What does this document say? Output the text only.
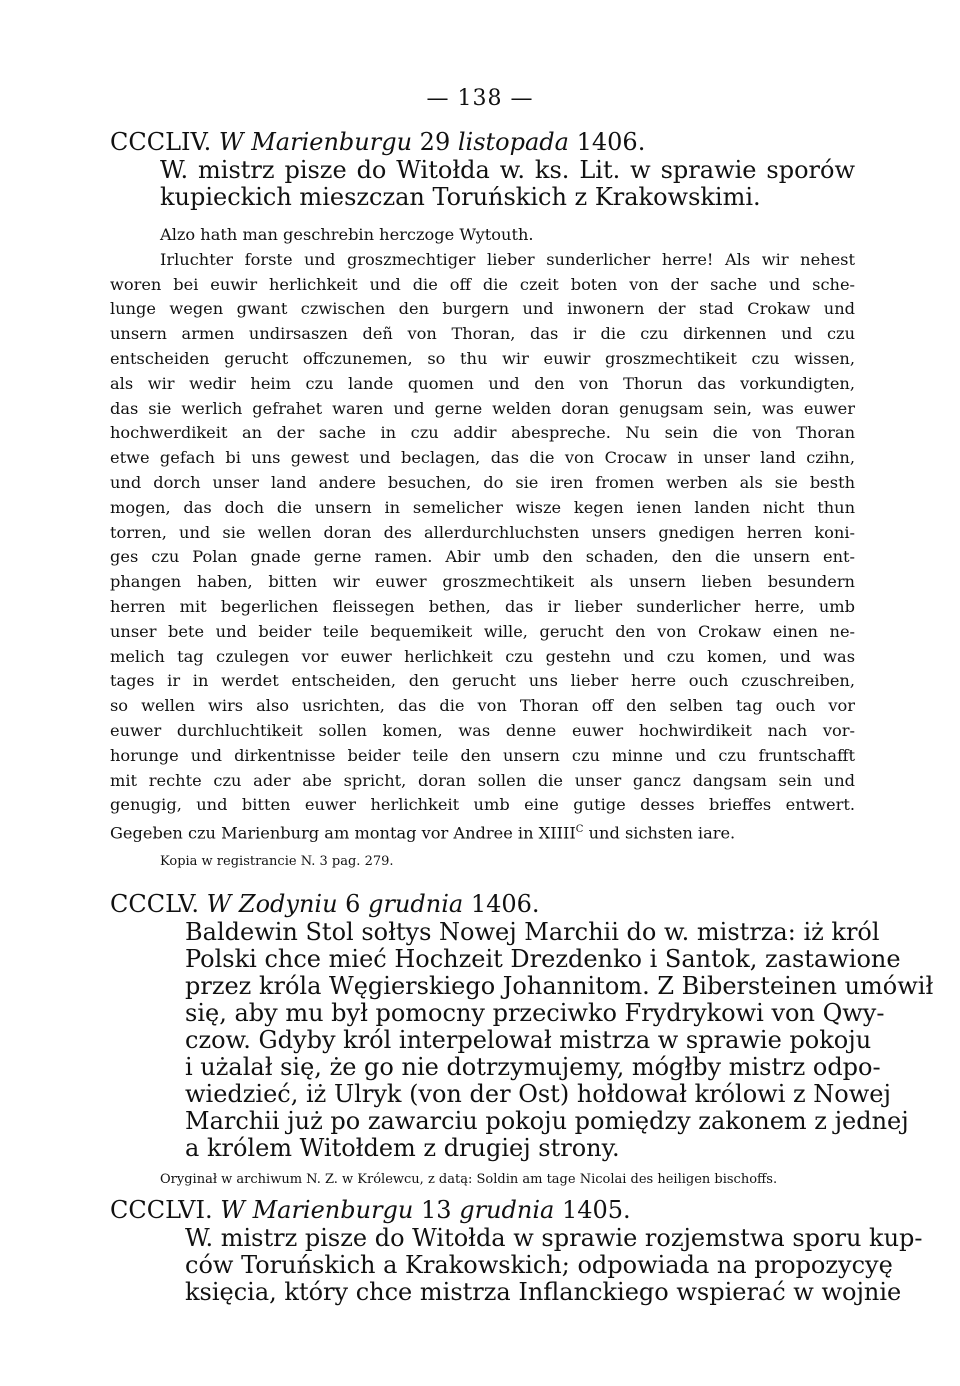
— 138 —
CCCLIV. W Marienburgu 29 listopada 1406.
W. mistrz pisze do Witołda w. ks. Lit. w sprawie sporów
kupieckich mieszczan Toruńskich z Krakowskimi.
Alzo hath man geschrebin herczoge Wytouth.
Irluchter forste und groszmechtiger lieber sunderlicher herre! Als wir nehest
woren bei euwir herlichkeit und die off die czeit boten von der sache und sche-
lunge wegen gwant czwischen den burgern und inwonern der stad Crokaw und
unsern armen undirsaszen deñ von Thoran, das ir die czu dirkennen und czu
entscheiden gerucht offczunemen, so thu wir euwir groszmechtikeit czu wissen,
als wir wedir heim czu lande quomen und den von Thorun das vorkundigten,
das sie werlich gefrahet waren und gerne welden doran genugsam sein, was euwer
hochwerdikeit an der sache in czu addir abespreche. Nu sein die von Thoran
etwe gefach bi uns gewest und beclagen, das die von Crocaw in unser land czihn,
und dorch unser land andere besuchen, do sie iren fromen werben als sie besth
mogen, das doch die unsern in semelicher wisze kegen ienen landen nicht thun
torren, und sie wellen doran des allerdurchluchsten unsers gnedigen herren koni-
ges czu Polan gnade gerne ramen. Abir umb den schaden, den die unsern ent-
phangen haben, bitten wir euwer groszmechtikeit als unsern lieben besundern
herren mit begerlichen fleissegen bethen, das ir lieber sunderlicher herre, umb
unser bete und beider teile bequemikeit wille, gerucht den von Crokaw einen ne-
melich tag czulegen vor euwer herlichkeit czu gestehn und czu komen, und was
tages ir in werdet entscheiden, den gerucht uns lieber herre ouch czuschreiben,
so wellen wirs also usrichten, das die von Thoran off den selben tag ouch vor
euwer durchluchtikeit sollen komen, was denne euwer hochwirdikeit nach vor-
horunge und dirkentnisse beider teile den unsern czu minne und czu fruntschafft
mit rechte czu ader abe spricht, doran sollen die unser gancz dangsam sein und
genugig, und bitten euwer herlichkeit umb eine gutige desses brieffes entwert.
Gegeben czu Marienburg am montag vor Andree in $XIIII^C$ und sichsten iare.
Kopia w registrancie N. 3 pag. 279.
CCCLV. W Zodyniu 6 grudnia 1406.
Baldewin Stol sołtys Nowej Marchii do w. mistrza: iż król
Polski chce mieć Hochzeit Drezdenko i Santok, zastawione
przez króla Węgierskiego Johannitom. Z Bibersteinen umówił
się, aby mu był pomocny przeciwko Frydrykowi von Qwy-
czow. Gdyby król interpelował mistrza w sprawie pokoju
i użalał się, że go nie dotrzymujemy, mógłby mistrz odpo-
wiedzieć, iż Ulryk (von der Ost) hołdował królowi z Nowej
Marchii już po zawarciu pokoju pomiędzy zakonem z jednej
a królem Witołdem z drugiej strony.
Oryginał w archiwum N. Z. w Królewcu, z datą: Soldin am tage Nicolai des heiligen bischoffs.
CCCLVI. W Marienburgu 13 grudnia 1405.
W. mistrz pisze do Witołda w sprawie rozjemstwa sporu kup-
ców Toruńskich a Krakowskich; odpowiada na propozycyę
księcia, który chce mistrza Inflanckiego wspierać w wojnie
